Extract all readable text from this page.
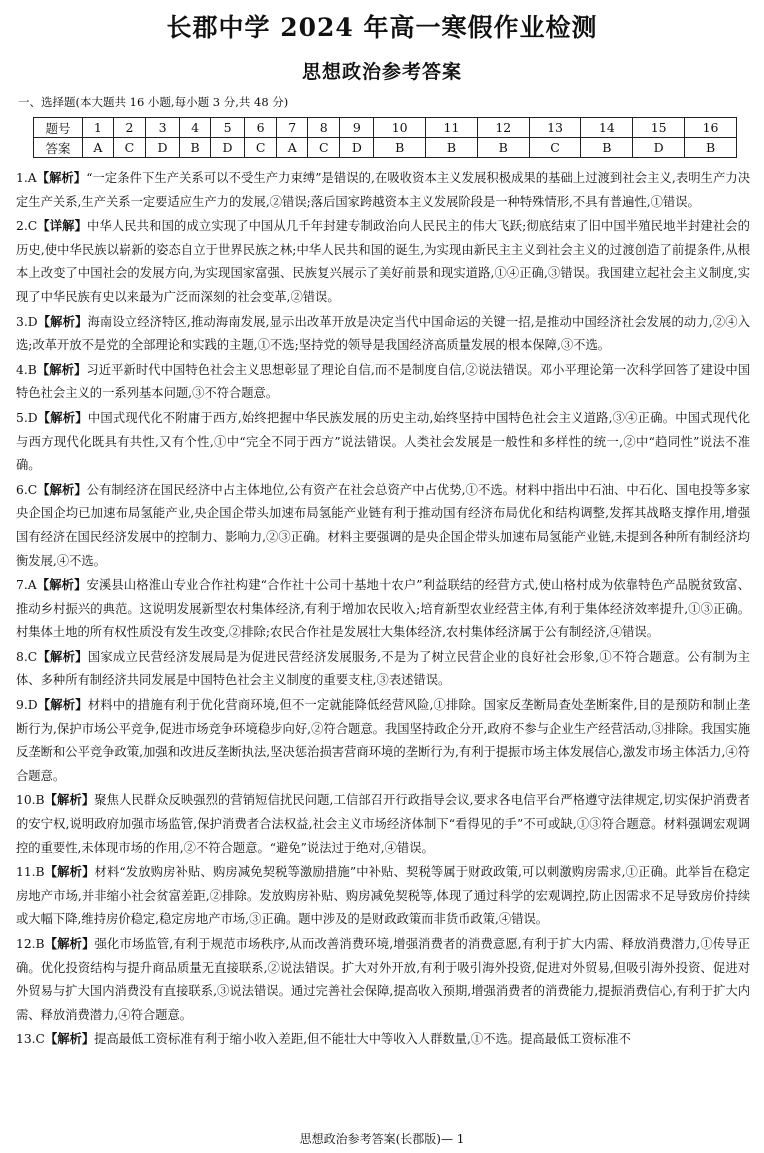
长郡中学 2024 年高一寒假作业检测
思想政治参考答案
一、选择题(本大题共 16 小题,每小题 3 分,共 48 分)
题号	1	2	3	4	5	6	7	8	9	10	11	12	13	14	15	16
答案	A	C	D	B	D	C	A	C	D	B	B	B	C	B	D	B

1.A【解析】“一定条件下生产关系可以不受生产力束缚”是错误的,在吸收资本主义发展积极成果的基础上过渡到社会主义,表明生产力决定生产关系,生产关系一定要适应生产力的发展,②错误;落后国家跨越资本主义发展阶段是一种特殊情形,不具有普遍性,①错误。

2.C【详解】中华人民共和国的成立实现了中国从几千年封建专制政治向人民民主的伟大飞跃;彻底结束了旧中国半殖民地半封建社会的历史,使中华民族以崭新的姿态自立于世界民族之林;中华人民共和国的诞生,为实现由新民主主义到社会主义的过渡创造了前提条件,从根本上改变了中国社会的发展方向,为实现国家富强、民族复兴展示了美好前景和现实道路,①④正确,③错误。我国建立起社会主义制度,实现了中华民族有史以来最为广泛而深刻的社会变革,②错误。

3.D【解析】海南设立经济特区,推动海南发展,显示出改革开放是决定当代中国命运的关键一招,是推动中国经济社会发展的动力,②④入选;改革开放不是党的全部理论和实践的主题,①不选;坚持党的领导是我国经济高质量发展的根本保障,③不选。

4.B【解析】习近平新时代中国特色社会主义思想彰显了理论自信,而不是制度自信,②说法错误。邓小平理论第一次科学回答了建设中国特色社会主义的一系列基本问题,③不符合题意。

5.D【解析】中国式现代化不附庸于西方,始终把握中华民族发展的历史主动,始终坚持中国特色社会主义道路,③④正确。中国式现代化与西方现代化既具有共性,又有个性,①中“完全不同于西方”说法错误。人类社会发展是一般性和多样性的统一,②中“趋同性”说法不准确。

6.C【解析】公有制经济在国民经济中占主体地位,公有资产在社会总资产中占优势,①不选。材料中指出中石油、中石化、国电投等多家央企国企均已加速布局氢能产业,央企国企带头加速布局氢能产业链有利于推动国有经济布局优化和结构调整,发挥其战略支撑作用,增强国有经济在国民经济发展中的控制力、影响力,②③正确。材料主要强调的是央企国企带头加速布局氢能产业链,未提到各种所有制经济均衡发展,④不选。

7.A【解析】安溪县山格淮山专业合作社构建“合作社十公司十基地十农户”利益联结的经营方式,使山格村成为依靠特色产品脱贫致富、推动乡村振兴的典范。这说明发展新型农村集体经济,有利于增加农民收入;培育新型农业经营主体,有利于集体经济效率提升,①③正确。村集体土地的所有权性质没有发生改变,②排除;农民合作社是发展壮大集体经济,农村集体经济属于公有制经济,④错误。

8.C【解析】国家成立民营经济发展局是为促进民营经济发展服务,不是为了树立民营企业的良好社会形象,①不符合题意。公有制为主体、多种所有制经济共同发展是中国特色社会主义制度的重要支柱,③表述错误。

9.D【解析】材料中的措施有利于优化营商环境,但不一定就能降低经营风险,①排除。国家反垄断局查处垄断案件,目的是预防和制止垄断行为,保护市场公平竞争,促进市场竞争环境稳步向好,②符合题意。我国坚持政企分开,政府不参与企业生产经营活动,③排除。我国实施反垄断和公平竞争政策,加强和改进反垄断执法,坚决惩治损害营商环境的垄断行为,有利于提振市场主体发展信心,激发市场主体活力,④符合题意。

10.B【解析】聚焦人民群众反映强烈的营销短信扰民问题,工信部召开行政指导会议,要求各电信平台严格遵守法律规定,切实保护消费者的安宁权,说明政府加强市场监管,保护消费者合法权益,社会主义市场经济体制下“看得见的手”不可或缺,①③符合题意。材料强调宏观调控的重要性,未体现市场的作用,②不符合题意。“避免”说法过于绝对,④错误。

11.B【解析】材料“发放购房补贴、购房减免契税等激励措施”中补贴、契税等属于财政政策,可以刺激购房需求,①正确。此举旨在稳定房地产市场,并非缩小社会贫富差距,②排除。发放购房补贴、购房减免契税等,体现了通过科学的宏观调控,防止因需求不足导致房价持续或大幅下降,维持房价稳定,稳定房地产市场,③正确。题中涉及的是财政政策而非货币政策,④错误。

12.B【解析】强化市场监管,有利于规范市场秩序,从而改善消费环境,增强消费者的消费意愿,有利于扩大内需、释放消费潜力,①传导正确。优化投资结构与提升商品质量无直接联系,②说法错误。扩大对外开放,有利于吸引海外投资,促进对外贸易,但吸引海外投资、促进对外贸易与扩大国内消费没有直接联系,③说法错误。通过完善社会保障,提高收入预期,增强消费者的消费能力,提振消费信心,有利于扩大内需、释放消费潜力,④符合题意。

13.C【解析】提高最低工资标准有利于缩小收入差距,但不能壮大中等收入人群数量,①不选。提高最低工资标准不

思想政治参考答案(长郡版)— 1
